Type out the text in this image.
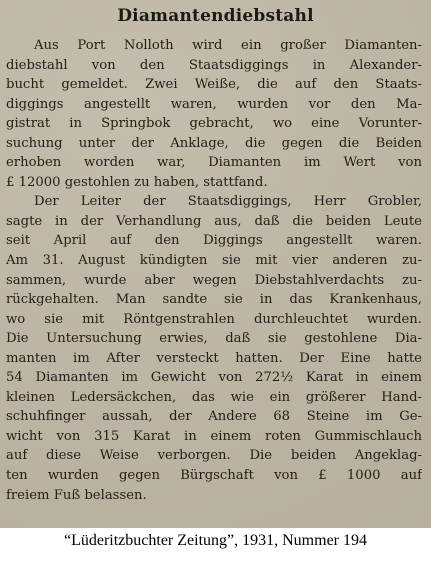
Diamantendiebstahl
Aus Port Nolloth wird ein großer Diamanten-
diebstahl von den Staatsdiggings in Alexander-
bucht gemeldet. Zwei Weiße, die auf den Staats-
diggings angestellt waren, wurden vor den Ma-
gistrat in Springbok gebracht, wo eine Vorunter-
suchung unter der Anklage, die gegen die Beiden
erhoben worden war, Diamanten im Wert von
£ 12000 gestohlen zu haben, stattfand.
Der Leiter der Staatsdiggings, Herr Grobler,
sagte in der Verhandlung aus, daß die beiden Leute
seit April auf den Diggings angestellt waren.
Am 31. August kündigten sie mit vier anderen zu-
sammen, wurde aber wegen Diebstahlverdachts zu-
rückgehalten. Man sandte sie in das Krankenhaus,
wo sie mit Röntgenstrahlen durchleuchtet wurden.
Die Untersuchung erwies, daß sie gestohlene Dia-
manten im After versteckt hatten. Der Eine hatte
54 Diamanten im Gewicht von 272½ Karat in einem
kleinen Ledersäckchen, das wie ein größerer Hand-
schuhfinger aussah, der Andere 68 Steine im Ge-
wicht von 315 Karat in einem roten Gummischlauch
auf diese Weise verborgen. Die beiden Angeklag-
ten wurden gegen Bürgschaft von £ 1000 auf
freiem Fuß belassen.
“Lüderitzbuchter Zeitung”, 1931, Nummer 194
